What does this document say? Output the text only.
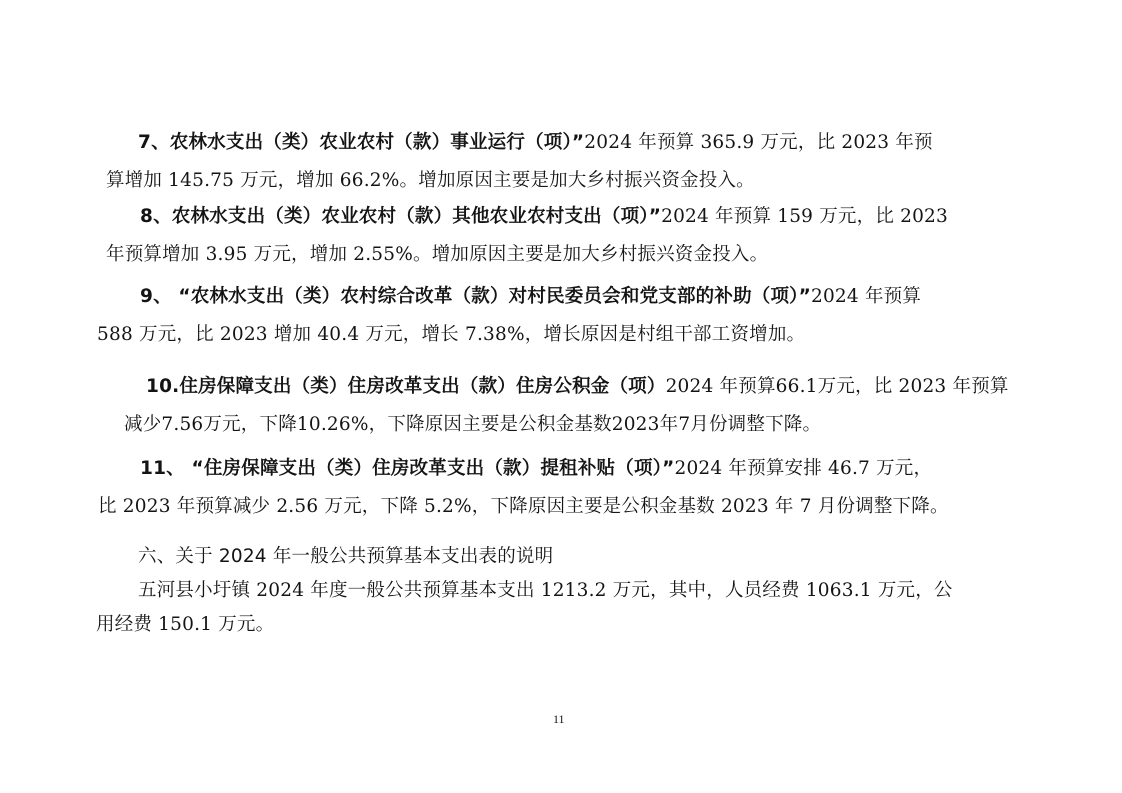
7、农林水支出（类）农业农村（款）事业运行（项）”2024 年预算 365.9 万元，比 2023 年预
算增加 145.75 万元，增加 66.2%。增加原因主要是加大乡村振兴资金投入。
8、农林水支出（类）农业农村（款）其他农业农村支出（项）”2024 年预算 159 万元，比 2023
年预算增加 3.95 万元，增加 2.55%。增加原因主要是加大乡村振兴资金投入。
9、 “农林水支出（类）农村综合改革（款）对村民委员会和党支部的补助（项）”2024 年预算
588 万元，比 2023 增加 40.4 万元，增长 7.38%，增长原因是村组干部工资增加。
10.住房保障支出（类）住房改革支出（款）住房公积金（项）2024 年预算66.1万元，比 2023 年预算
减少7.56万元，下降10.26%，下降原因主要是公积金基数2023年7月份调整下降。
11、 “住房保障支出（类）住房改革支出（款）提租补贴（项）”2024 年预算安排 46.7 万元，
比 2023 年预算减少 2.56 万元，下降 5.2%，下降原因主要是公积金基数 2023 年 7 月份调整下降。
六、关于 2024 年一般公共预算基本支出表的说明
五河县小圩镇 2024 年度一般公共预算基本支出 1213.2 万元，其中，人员经费 1063.1 万元，公
用经费 150.1 万元。
11
